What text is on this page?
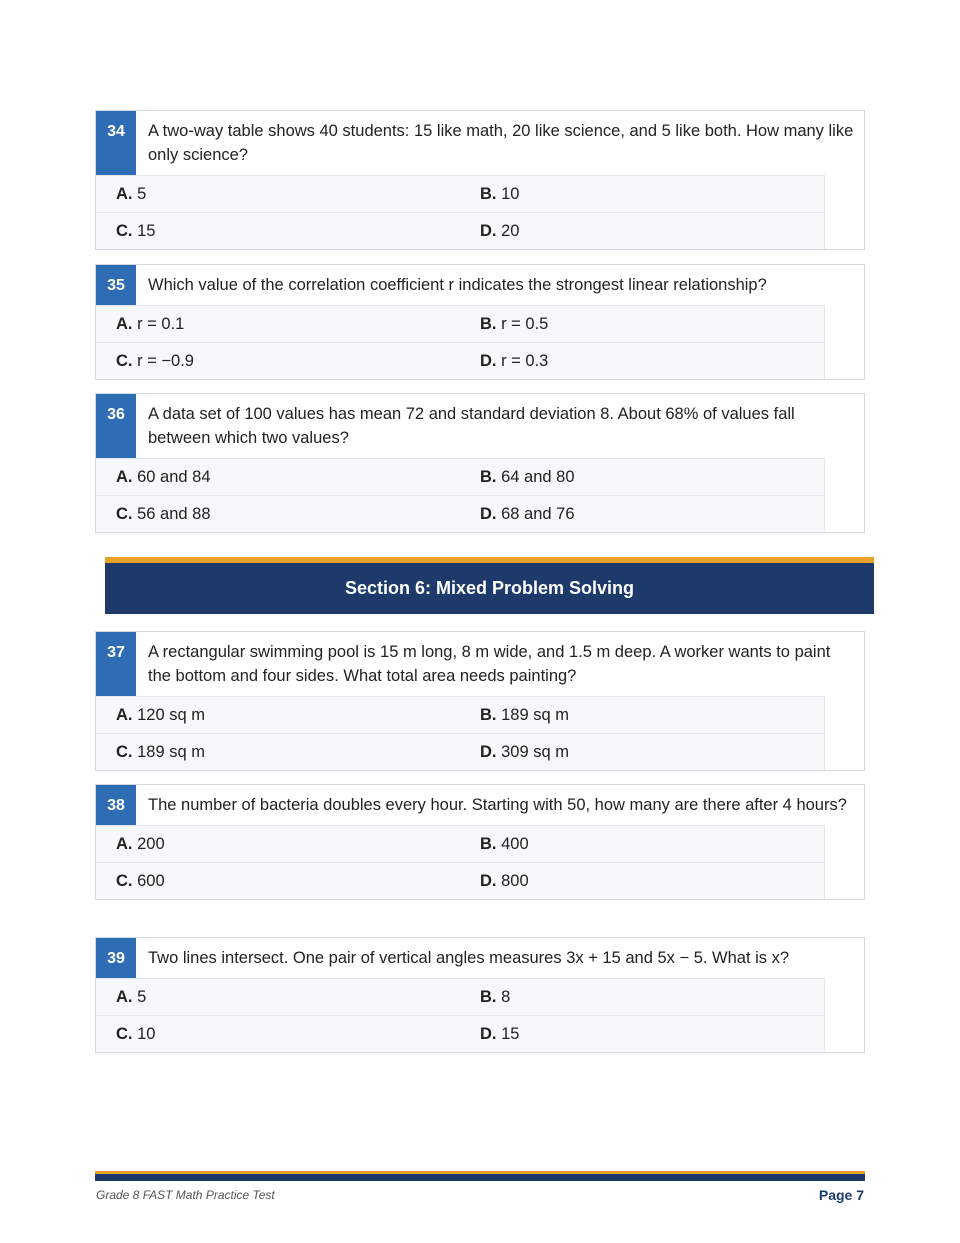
34	A two-way table shows 40 students: 15 like math, 20 like science, and 5 like both. How many like only science?
A. 5	B. 10
C. 15	D. 20
35	Which value of the correlation coefficient r indicates the strongest linear relationship?
A. r = 0.1	B. r = 0.5
C. r = −0.9	D. r = 0.3
36	A data set of 100 values has mean 72 and standard deviation 8. About 68% of values fall between which two values?
A. 60 and 84	B. 64 and 80
C. 56 and 88	D. 68 and 76
Section 6: Mixed Problem Solving
37	A rectangular swimming pool is 15 m long, 8 m wide, and 1.5 m deep. A worker wants to paint the bottom and four sides. What total area needs painting?
A. 120 sq m	B. 189 sq m
C. 189 sq m	D. 309 sq m
38	The number of bacteria doubles every hour. Starting with 50, how many are there after 4 hours?
A. 200	B. 400
C. 600	D. 800
39	Two lines intersect. One pair of vertical angles measures 3x + 15 and 5x − 5. What is x?
A. 5	B. 8
C. 10	D. 15
Grade 8 FAST Math Practice Test	Page 7
